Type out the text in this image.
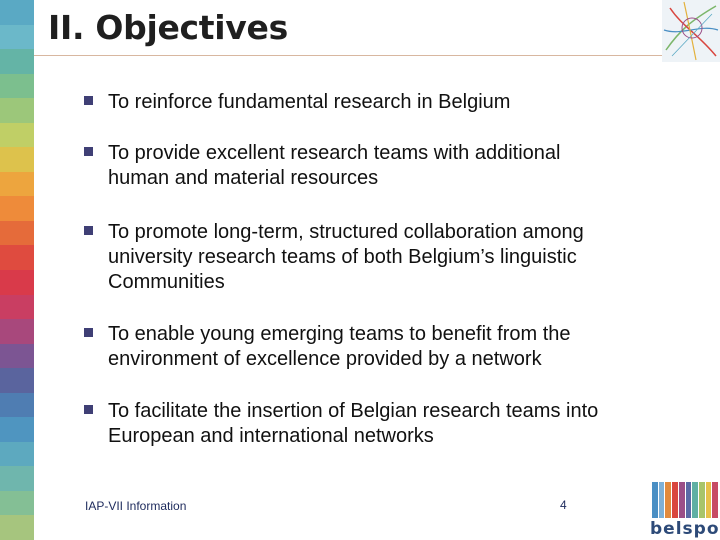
II. Objectives
To reinforce fundamental research in Belgium
To provide excellent research teams with additional
human and material resources
To promote long-term, structured collaboration among
university research teams of both Belgium’s linguistic
Communities
To enable young emerging teams to benefit from the
environment of excellence provided by a network
To facilitate the insertion of Belgian research teams into
European and international networks
IAP-VII Information	4
belspo
